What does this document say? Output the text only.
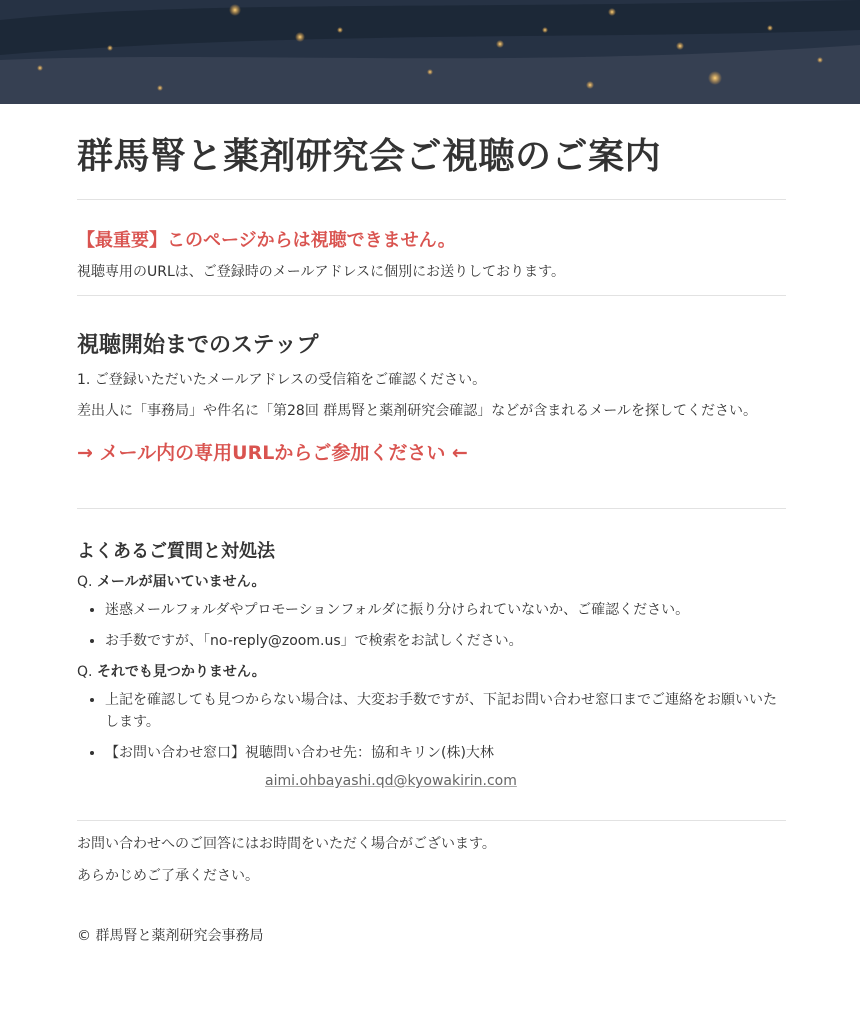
群馬腎と薬剤研究会ご視聴のご案内

【最重要】このページからは視聴できません。

視聴専用のURLは、ご登録時のメールアドレスに個別にお送りしております。

視聴開始までのステップ

1. ご登録いただいたメールアドレスの受信箱をご確認ください。

差出人に「事務局」や件名に「第28回 群馬腎と薬剤研究会確認」などが含まれるメールを探してください。

→ メール内の専用URLからご参加ください ←
よくあるご質問と対処法

Q. メールが届いていません。

• 迷惑メールフォルダやプロモーションフォルダに振り分けられていないか、ご確認ください。
• お手数ですが、「no-reply@zoom.us」で検索をお試しください。

Q. それでも見つかりません。

• 上記を確認しても見つからない場合は、大変お手数ですが、下記お問い合わせ窓口までご連絡をお願いいたします。
• 【お問い合わせ窓口】視聴問い合わせ先：協和キリン(株)大林
aimi.ohbayashi.qd@kyowakirin.com

お問い合わせへのご回答にはお時間をいただく場合がございます。

あらかじめご了承ください。

© 群馬腎と薬剤研究会事務局
